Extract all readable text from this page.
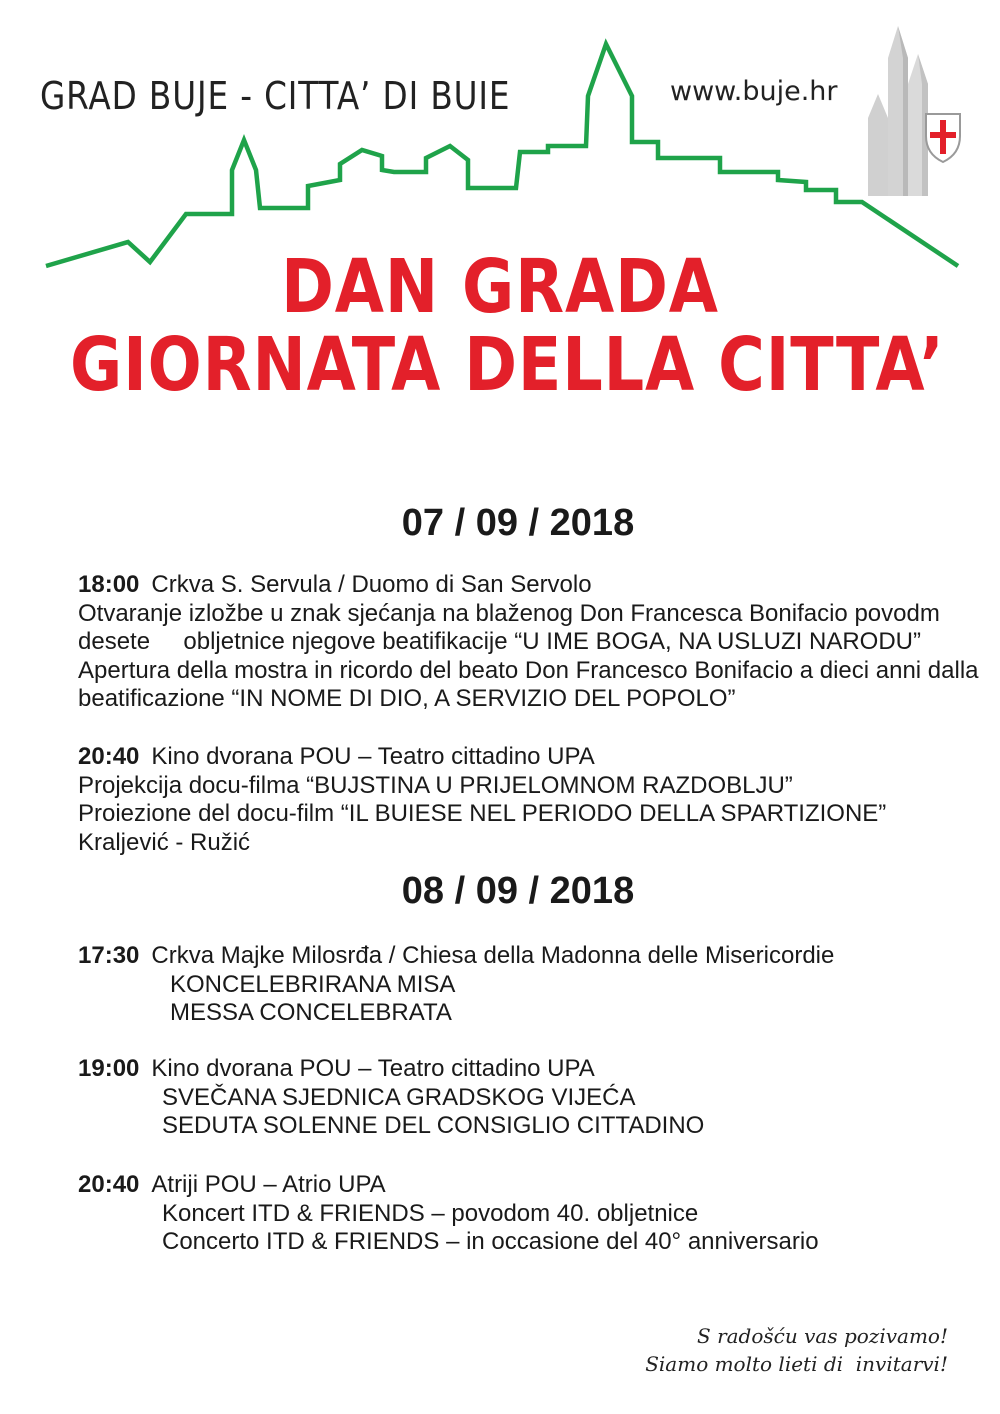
GRAD BUJE - CITTA’ DI BUIE	www.buje.hr
DAN GRADA
GIORNATA DELLA CITTA’
07 / 09 / 2018
18:00 Crkva S. Servula / Duomo di San Servolo
Otvaranje izložbe u znak sjećanja na blaženog Don Francesca Bonifacio povodm
desete     obljetnice njegove beatifikacije “U IME BOGA, NA USLUZI NARODU”
Apertura della mostra in ricordo del beato Don Francesco Bonifacio a dieci anni dalla
beatificazione “IN NOME DI DIO, A SERVIZIO DEL POPOLO”
20:40 Kino dvorana POU – Teatro cittadino UPA
Projekcija docu-filma “BUJSTINA U PRIJELOMNOM RAZDOBLJU”
Proiezione del docu-film “IL BUIESE NEL PERIODO DELLA SPARTIZIONE”
Kraljević - Ružić
08 / 09 / 2018
17:30 Crkva Majke Milosrđa / Chiesa della Madonna delle Misericordie
KONCELEBRIRANA MISA
MESSA CONCELEBRATA
19:00 Kino dvorana POU – Teatro cittadino UPA
SVEČANA SJEDNICA GRADSKOG VIJEĆA
SEDUTA SOLENNE DEL CONSIGLIO CITTADINO
20:40 Atriji POU – Atrio UPA
Koncert ITD & FRIENDS – povodom 40. obljetnice
Concerto ITD & FRIENDS – in occasione del 40° anniversario
S radošću vas pozivamo!
Siamo molto lieti di  invitarvi!
